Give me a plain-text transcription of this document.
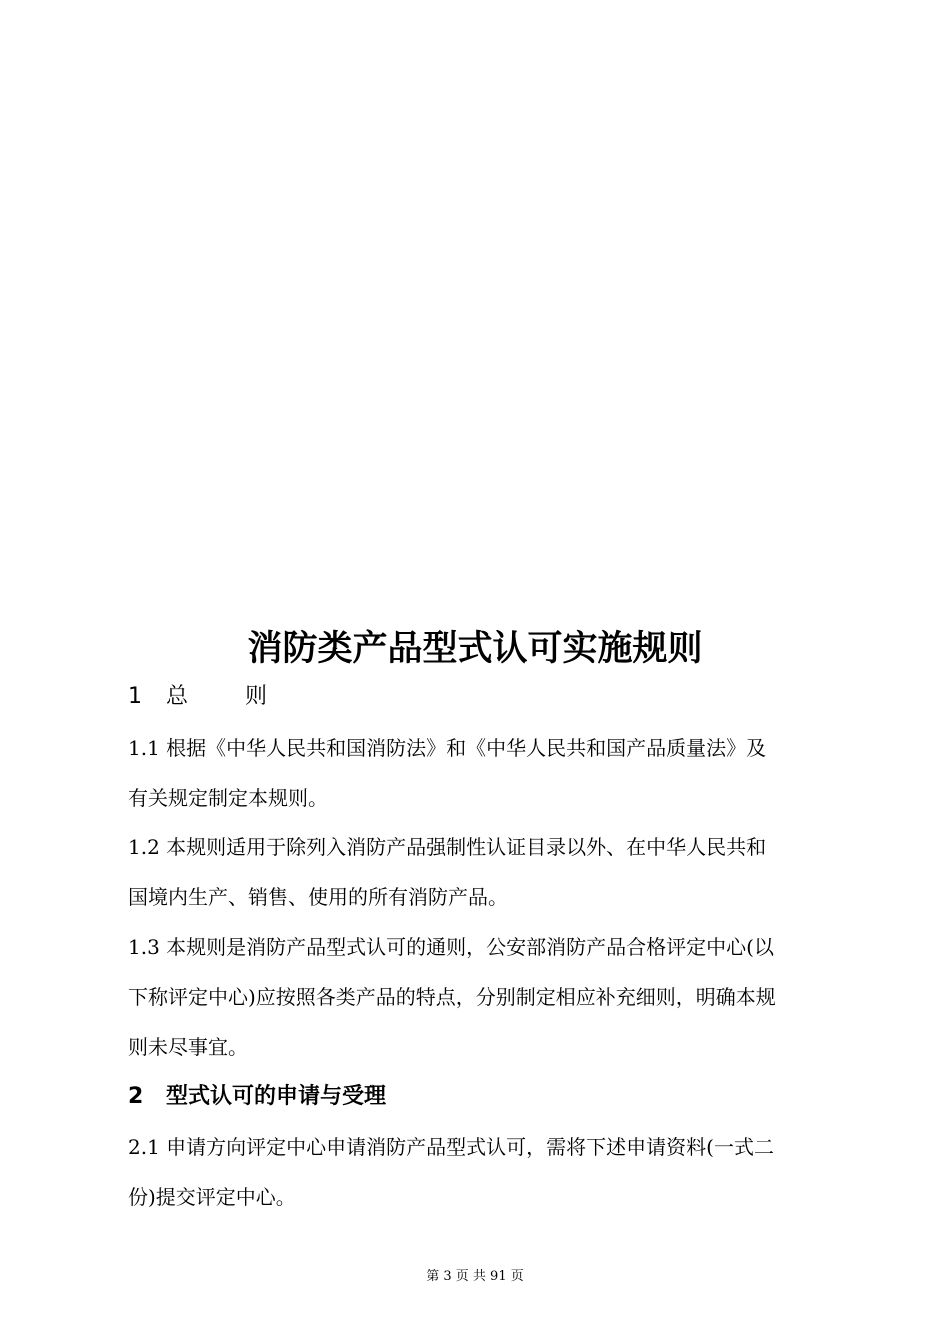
消防类产品型式认可实施规则
1 总 则
1.1 根据《中华人民共和国消防法》和《中华人民共和国产品质量法》及
有关规定制定本规则。
1.2 本规则适用于除列入消防产品强制性认证目录以外、在中华人民共和
国境内生产、销售、使用的所有消防产品。
1.3 本规则是消防产品型式认可的通则，公安部消防产品合格评定中心(以
下称评定中心)应按照各类产品的特点，分别制定相应补充细则，明确本规
则未尽事宜。
2 型式认可的申请与受理
2.1 申请方向评定中心申请消防产品型式认可，需将下述申请资料(一式二
份)提交评定中心。
第 3 页 共 91 页
